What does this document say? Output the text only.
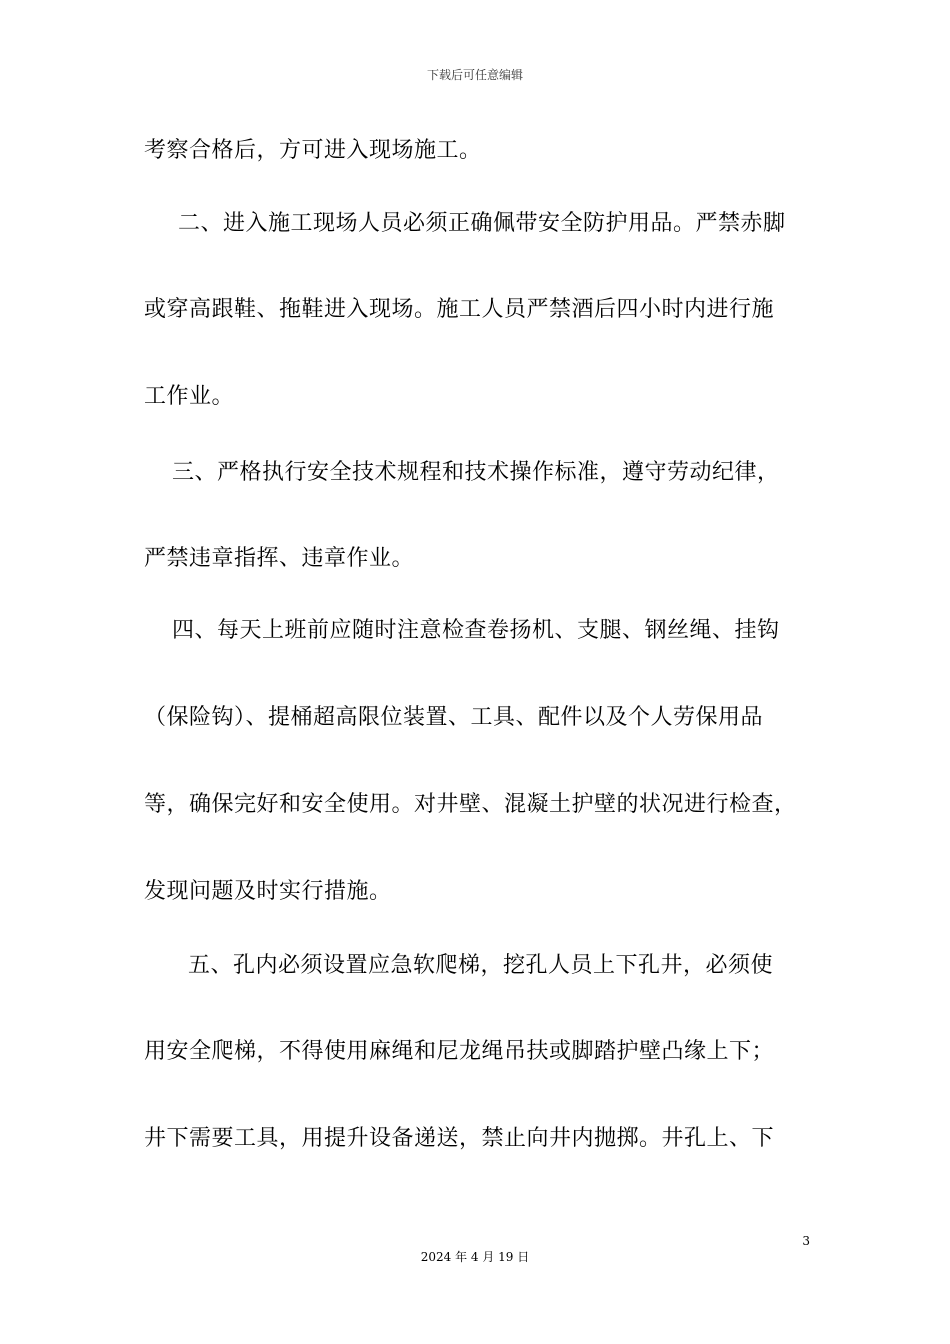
下载后可任意编辑
考察合格后，方可进入现场施工。
二、进入施工现场人员必须正确佩带安全防护用品。严禁赤脚
或穿高跟鞋、拖鞋进入现场。施工人员严禁酒后四小时内进行施
工作业。
三、严格执行安全技术规程和技术操作标准，遵守劳动纪律，
严禁违章指挥、违章作业。
四、每天上班前应随时注意检查卷扬机、支腿、钢丝绳、挂钩
（保险钩）、提桶超高限位装置、工具、配件以及个人劳保用品
等，确保完好和安全使用。对井壁、混凝土护壁的状况进行检查，
发现问题及时实行措施。
五、孔内必须设置应急软爬梯，挖孔人员上下孔井，必须使
用安全爬梯，不得使用麻绳和尼龙绳吊扶或脚踏护壁凸缘上下；
井下需要工具，用提升设备递送，禁止向井内抛掷。井孔上、下
3
2024 年 4 月 19 日
